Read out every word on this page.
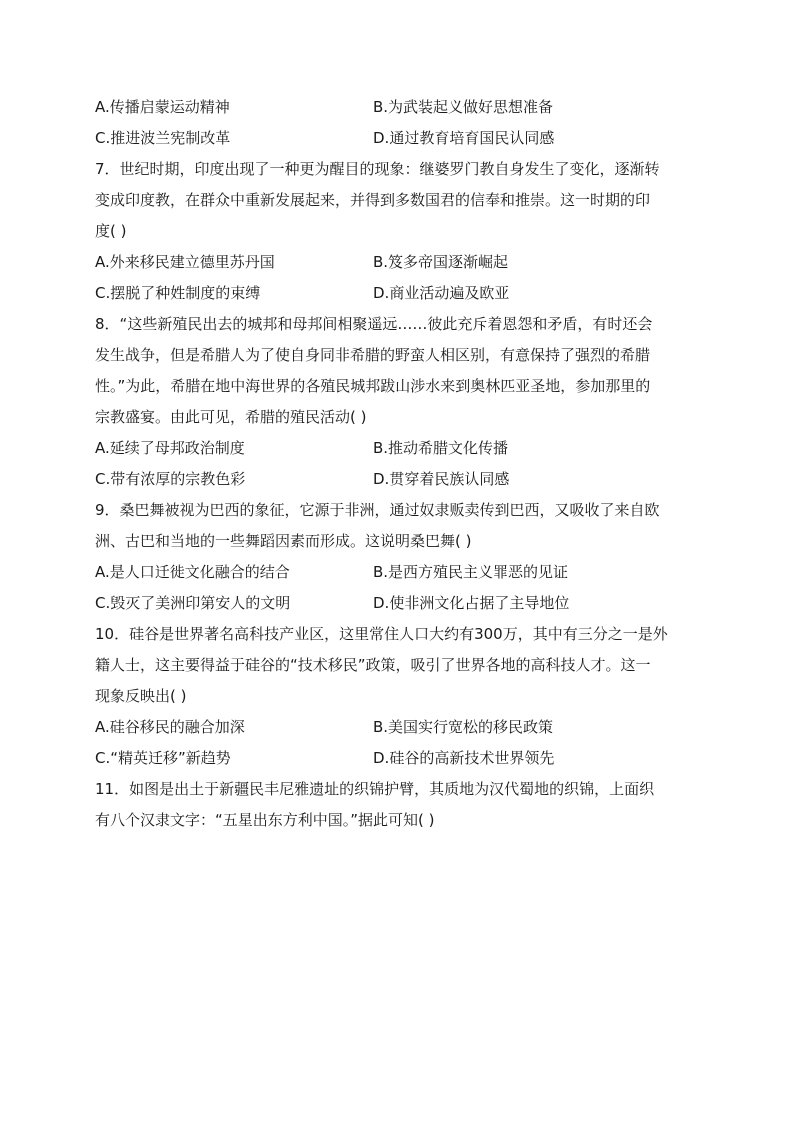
A.传播启蒙运动精神	B.为武装起义做好思想准备
C.推进波兰宪制改革	D.通过教育培育国民认同感
7．世纪时期，印度出现了一种更为醒目的现象：继婆罗门教自身发生了变化，逐渐转
变成印度教，在群众中重新发展起来，并得到多数国君的信奉和推崇。这一时期的印
度( )
A.外来移民建立德里苏丹国	B.笈多帝国逐渐崛起
C.摆脱了种姓制度的束缚	D.商业活动遍及欧亚
8．“这些新殖民出去的城邦和母邦间相聚遥远……彼此充斥着恩怨和矛盾，有时还会
发生战争，但是希腊人为了使自身同非希腊的野蛮人相区别，有意保持了强烈的希腊
性。”为此，希腊在地中海世界的各殖民城邦跋山涉水来到奥林匹亚圣地，参加那里的
宗教盛宴。由此可见，希腊的殖民活动( )
A.延续了母邦政治制度	B.推动希腊文化传播
C.带有浓厚的宗教色彩	D.贯穿着民族认同感
9．桑巴舞被视为巴西的象征，它源于非洲，通过奴隶贩卖传到巴西，又吸收了来自欧
洲、古巴和当地的一些舞蹈因素而形成。这说明桑巴舞( )
A.是人口迁徙文化融合的结合	B.是西方殖民主义罪恶的见证
C.毁灭了美洲印第安人的文明	D.使非洲文化占据了主导地位
10．硅谷是世界著名高科技产业区，这里常住人口大约有300万，其中有三分之一是外
籍人士，这主要得益于硅谷的“技术移民”政策，吸引了世界各地的高科技人才。这一
现象反映出( )
A.硅谷移民的融合加深	B.美国实行宽松的移民政策
C.“精英迁移”新趋势	D.硅谷的高新技术世界领先
11．如图是出土于新疆民丰尼雅遗址的织锦护臂，其质地为汉代蜀地的织锦，上面织
有八个汉隶文字：“五星出东方利中国。”据此可知( )
